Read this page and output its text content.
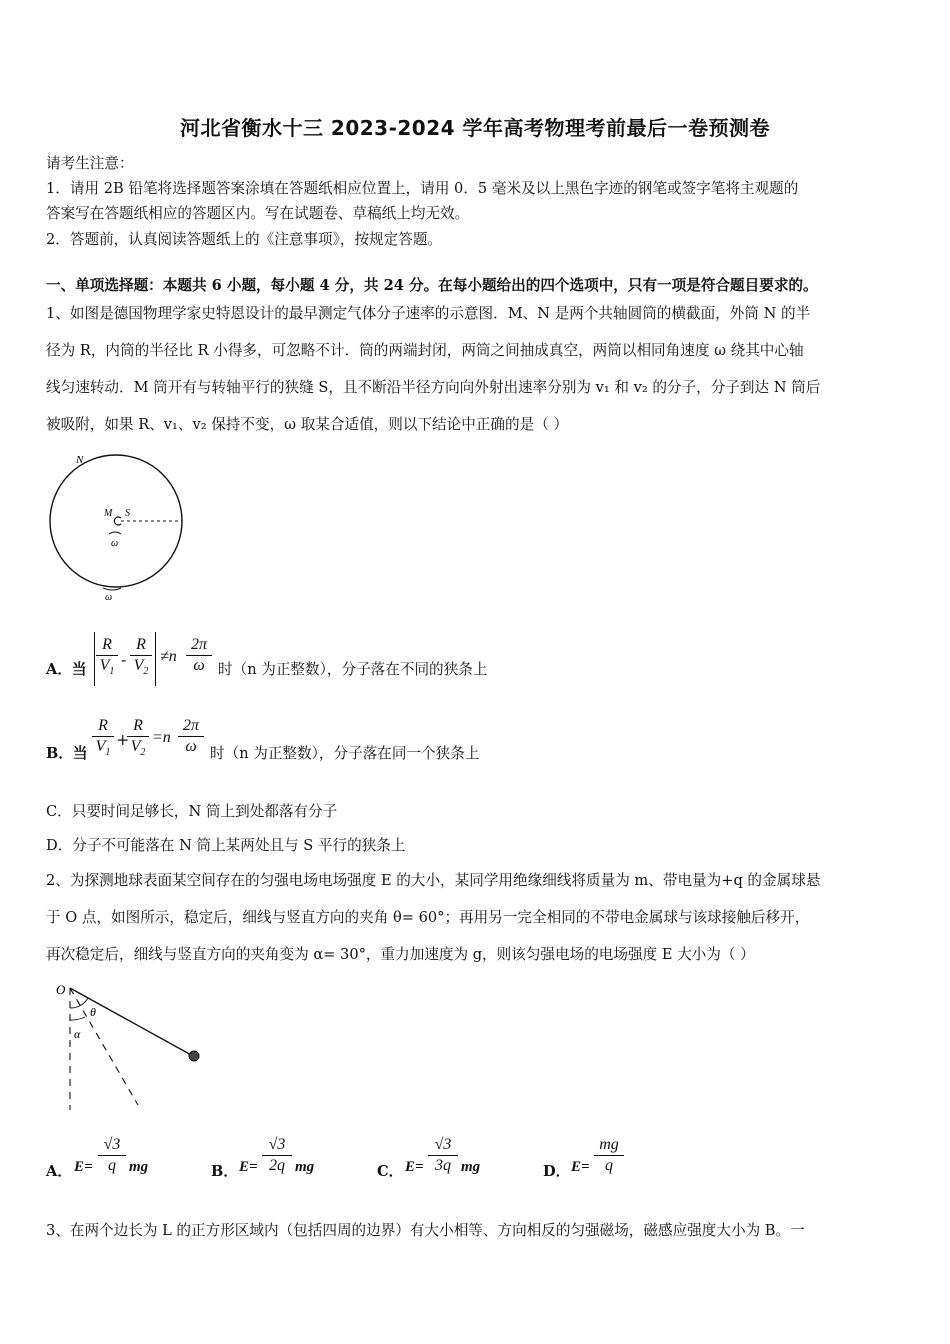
河北省衡水十三 2023-2024 学年高考物理考前最后一卷预测卷
请考生注意：
1．请用 2B 铅笔将选择题答案涂填在答题纸相应位置上，请用 0．5 毫米及以上黑色字迹的钢笔或签字笔将主观题的
答案写在答题纸相应的答题区内。写在试题卷、草稿纸上均无效。
2．答题前，认真阅读答题纸上的《注意事项》，按规定答题。
一、单项选择题：本题共 6 小题，每小题 4 分，共 24 分。在每小题给出的四个选项中，只有一项是符合题目要求的。
1、如图是德国物理学家史特恩设计的最早测定气体分子速率的示意图．M、N 是两个共轴圆筒的横截面，外筒 N 的半
径为 R，内筒的半径比 R 小得多，可忽略不计．筒的两端封闭，两筒之间抽成真空，两筒以相同角速度 ω 绕其中心轴
线匀速转动．M 筒开有与转轴平行的狭缝 S，且不断沿半径方向向外射出速率分别为 v₁ 和 v₂ 的分子，分子到达 N 筒后
被吸附，如果 R、v₁、v₂ 保持不变，ω 取某合适值，则以下结论中正确的是（ ）
N
M S
ω
ω
A．当 $\frac{R}{V_1} - \frac{R}{V_2} \ne n \frac{2\pi}{\omega}$ 时（n 为正整数），分子落在不同的狭条上
B．当 $\frac{R}{V_1}$ +
$\frac{R}{V_2} =n \frac{2\pi}{\omega}$ 时（n 为正整数），分子落在同一个狭条上
C．只要时间足够长，N 筒上到处都落有分子
D．分子不可能落在 N 筒上某两处且与 S 平行的狭条上
2、为探测地球表面某空间存在的匀强电场电场强度 E 的大小，某同学用绝缘细线将质量为 m、带电量为+q 的金属球悬
于 O 点，如图所示，稳定后，细线与竖直方向的夹角 θ= 60°；再用另一完全相同的不带电金属球与该球接触后移开，
再次稳定后，细线与竖直方向的夹角变为 α= 30°，重力加速度为 g，则该匀强电场的电场强度 E 大小为（ ）
O
θ
α
A． $E= \frac{√3}{q}$ mg	B． $E= \frac{√3}{2q}$ mg	C． $E= \frac{√3}{3q}$ mg	D． $E= \frac{mg}{q}$
3、在两个边长为 L 的正方形区域内（包括四周的边界）有大小相等、方向相反的匀强磁场，磁感应强度大小为 B。一
